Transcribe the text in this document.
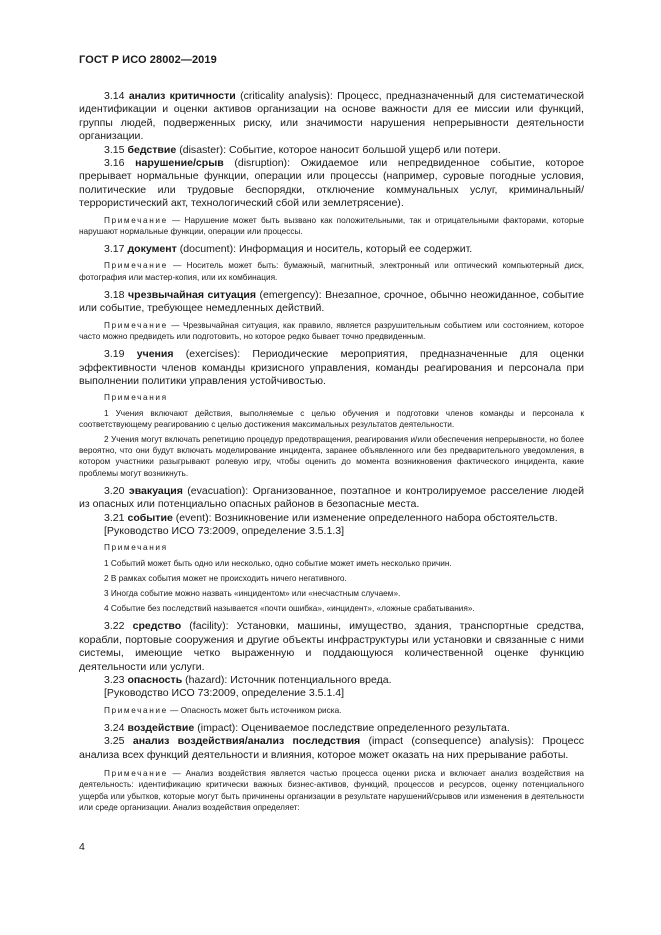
ГОСТ Р ИСО 28002—2019

3.14 анализ критичности (criticality analysis): Процесс, предназначенный для систематической идентификации и оценки активов организации на основе важности для ее миссии или функций, группы людей, подверженных риску, или значимости нарушения непрерывности деятельности организации.

3.15 бедствие (disaster): Событие, которое наносит большой ущерб или потери.

3.16 нарушение/срыв (disruption): Ожидаемое или непредвиденное событие, которое прерывает нормальные функции, операции или процессы (например, суровые погодные условия, политические или трудовые беспорядки, отключение коммунальных услуг, криминальный/террористический акт, технологический сбой или землетрясение).

Примечание — Нарушение может быть вызвано как положительными, так и отрицательными факторами, которые нарушают нормальные функции, операции или процессы.

3.17 документ (document): Информация и носитель, который ее содержит.

Примечание — Носитель может быть: бумажный, магнитный, электронный или оптический компьютерный диск, фотография или мастер-копия, или их комбинация.

3.18 чрезвычайная ситуация (emergency): Внезапное, срочное, обычно неожиданное, событие или событие, требующее немедленных действий.

Примечание — Чрезвычайная ситуация, как правило, является разрушительным событием или состоянием, которое часто можно предвидеть или подготовить, но которое редко бывает точно предвиденным.

3.19 учения (exercises): Периодические мероприятия, предназначенные для оценки эффективности членов команды кризисного управления, команды реагирования и персонала при выполнении политики управления устойчивостью.

Примечания

1 Учения включают действия, выполняемые с целью обучения и подготовки членов команды и персонала к соответствующему реагированию с целью достижения максимальных результатов деятельности.

2 Учения могут включать репетицию процедур предотвращения, реагирования и/или обеспечения непрерывности, но более вероятно, что они будут включать моделирование инцидента, заранее объявленного или без предварительного уведомления, в котором участники разыгрывают ролевую игру, чтобы оценить до момента возникновения фактического инцидента, какие проблемы могут возникнуть.

3.20 эвакуация (evacuation): Организованное, поэтапное и контролируемое расселение людей из опасных или потенциально опасных районов в безопасные места.

3.21 событие (event): Возникновение или изменение определенного набора обстоятельств.

[Руководство ИСО 73:2009, определение 3.5.1.3]

Примечания

1 Событий может быть одно или несколько, одно событие может иметь несколько причин.

2 В рамках события может не происходить ничего негативного.

3 Иногда событие можно назвать «инцидентом» или «несчастным случаем».

4 Событие без последствий называется «почти ошибка», «инцидент», «ложные срабатывания».

3.22 средство (facility): Установки, машины, имущество, здания, транспортные средства, корабли, портовые сооружения и другие объекты инфраструктуры или установки и связанные с ними системы, имеющие четко выраженную и поддающуюся количественной оценке функцию деятельности или услуги.

3.23 опасность (hazard): Источник потенциального вреда.

[Руководство ИСО 73:2009, определение 3.5.1.4]

Примечание — Опасность может быть источником риска.

3.24 воздействие (impact): Оцениваемое последствие определенного результата.

3.25 анализ воздействия/анализ последствия (impact (consequence) analysis): Процесс анализа всех функций деятельности и влияния, которое может оказать на них прерывание работы.

Примечание — Анализ воздействия является частью процесса оценки риска и включает анализ воздействия на деятельность: идентификацию критически важных бизнес-активов, функций, процессов и ресурсов, оценку потенциального ущерба или убытков, которые могут быть причинены организации в результате нарушений/срывов или изменения в деятельности или среде организации. Анализ воздействия определяет:

4
